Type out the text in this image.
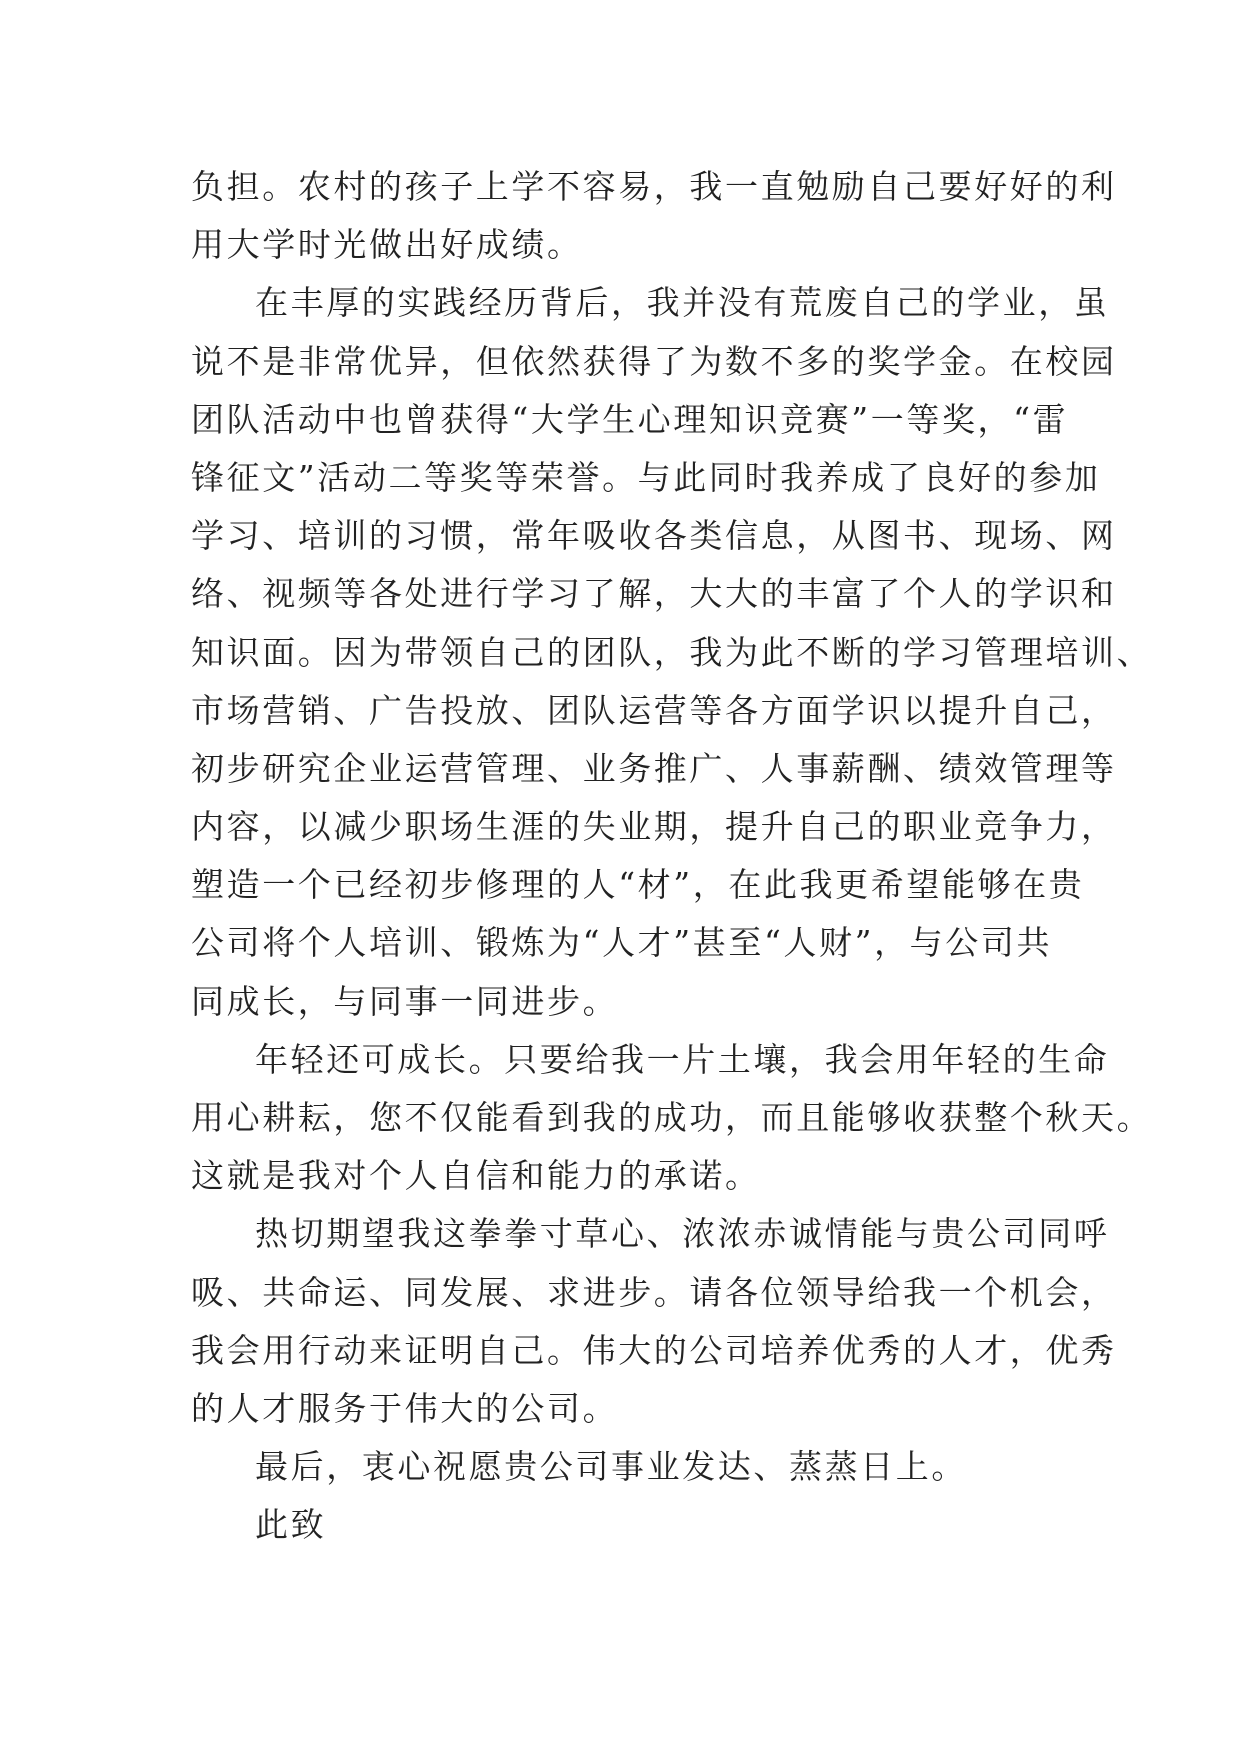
负担。农村的孩子上学不容易，我一直勉励自己要好好的利
用大学时光做出好成绩。
在丰厚的实践经历背后，我并没有荒废自己的学业，虽
说不是非常优异，但依然获得了为数不多的奖学金。在校园
团队活动中也曾获得“大学生心理知识竞赛”一等奖，“雷
锋征文”活动二等奖等荣誉。与此同时我养成了良好的参加
学习、培训的习惯，常年吸收各类信息，从图书、现场、网
络、视频等各处进行学习了解，大大的丰富了个人的学识和
知识面。因为带领自己的团队，我为此不断的学习管理培训、
市场营销、广告投放、团队运营等各方面学识以提升自己，
初步研究企业运营管理、业务推广、人事薪酬、绩效管理等
内容，以减少职场生涯的失业期，提升自己的职业竞争力，
塑造一个已经初步修理的人“材”，在此我更希望能够在贵
公司将个人培训、锻炼为“人才”甚至“人财”，与公司共
同成长，与同事一同进步。
年轻还可成长。只要给我一片土壤，我会用年轻的生命
用心耕耘，您不仅能看到我的成功，而且能够收获整个秋天。
这就是我对个人自信和能力的承诺。
热切期望我这拳拳寸草心、浓浓赤诚情能与贵公司同呼
吸、共命运、同发展、求进步。请各位领导给我一个机会，
我会用行动来证明自己。伟大的公司培养优秀的人才，优秀
的人才服务于伟大的公司。
最后，衷心祝愿贵公司事业发达、蒸蒸日上。
此致
